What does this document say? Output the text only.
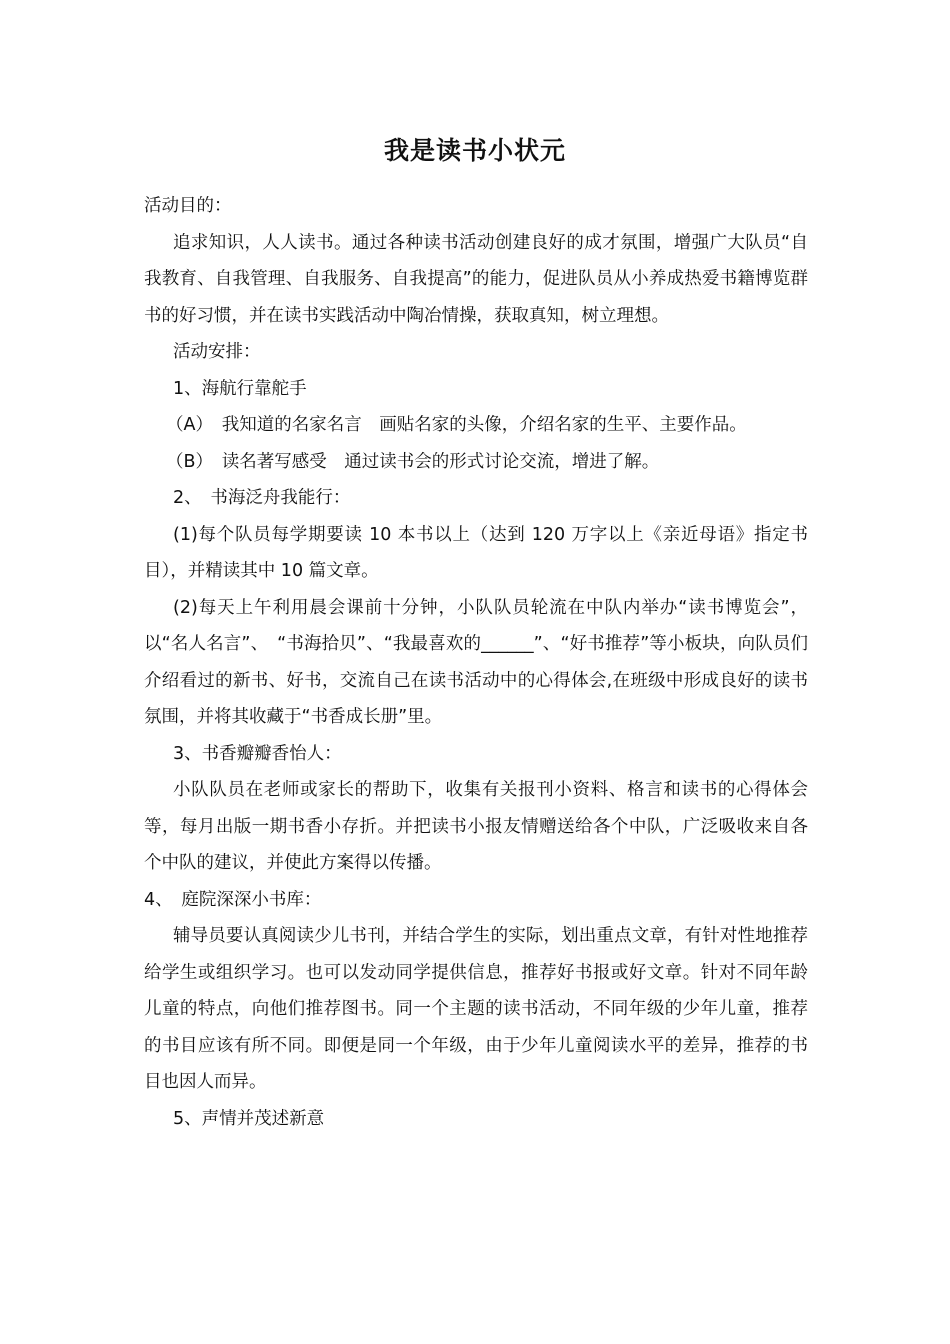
我是读书小状元

活动目的：

追求知识，人人读书。通过各种读书活动创建良好的成才氛围，增强广大队员“自我教育、自我管理、自我服务、自我提高”的能力，促进队员从小养成热爱书籍博览群书的好习惯，并在读书实践活动中陶冶情操，获取真知，树立理想。

活动安排：

1、海航行靠舵手

（A）　我知道的名家名言　画贴名家的头像，介绍名家的生平、主要作品。

（B）　读名著写感受　通过读书会的形式讨论交流，增进了解。

2、　书海泛舟我能行：

(1)每个队员每学期要读 10 本书以上（达到 120 万字以上《亲近母语》指定书目），并精读其中 10 篇文章。

(2)每天上午利用晨会课前十分钟，小队队员轮流在中队内举办“读书博览会”，以“名人名言”、　“书海拾贝”、“我最喜欢的______”、“好书推荐”等小板块，向队员们介绍看过的新书、好书，交流自己在读书活动中的心得体会,在班级中形成良好的读书氛围，并将其收藏于“书香成长册”里。

3、书香瓣瓣香怡人：

小队队员在老师或家长的帮助下，收集有关报刊小资料、格言和读书的心得体会等，每月出版一期书香小存折。并把读书小报友情赠送给各个中队，广泛吸收来自各个中队的建议，并使此方案得以传播。

4、　庭院深深小书库：

辅导员要认真阅读少儿书刊，并结合学生的实际，划出重点文章，有针对性地推荐给学生或组织学习。也可以发动同学提供信息，推荐好书报或好文章。针对不同年龄儿童的特点，向他们推荐图书。同一个主题的读书活动，不同年级的少年儿童，推荐的书目应该有所不同。即便是同一个年级，由于少年儿童阅读水平的差异，推荐的书目也因人而异。

5、声情并茂述新意
